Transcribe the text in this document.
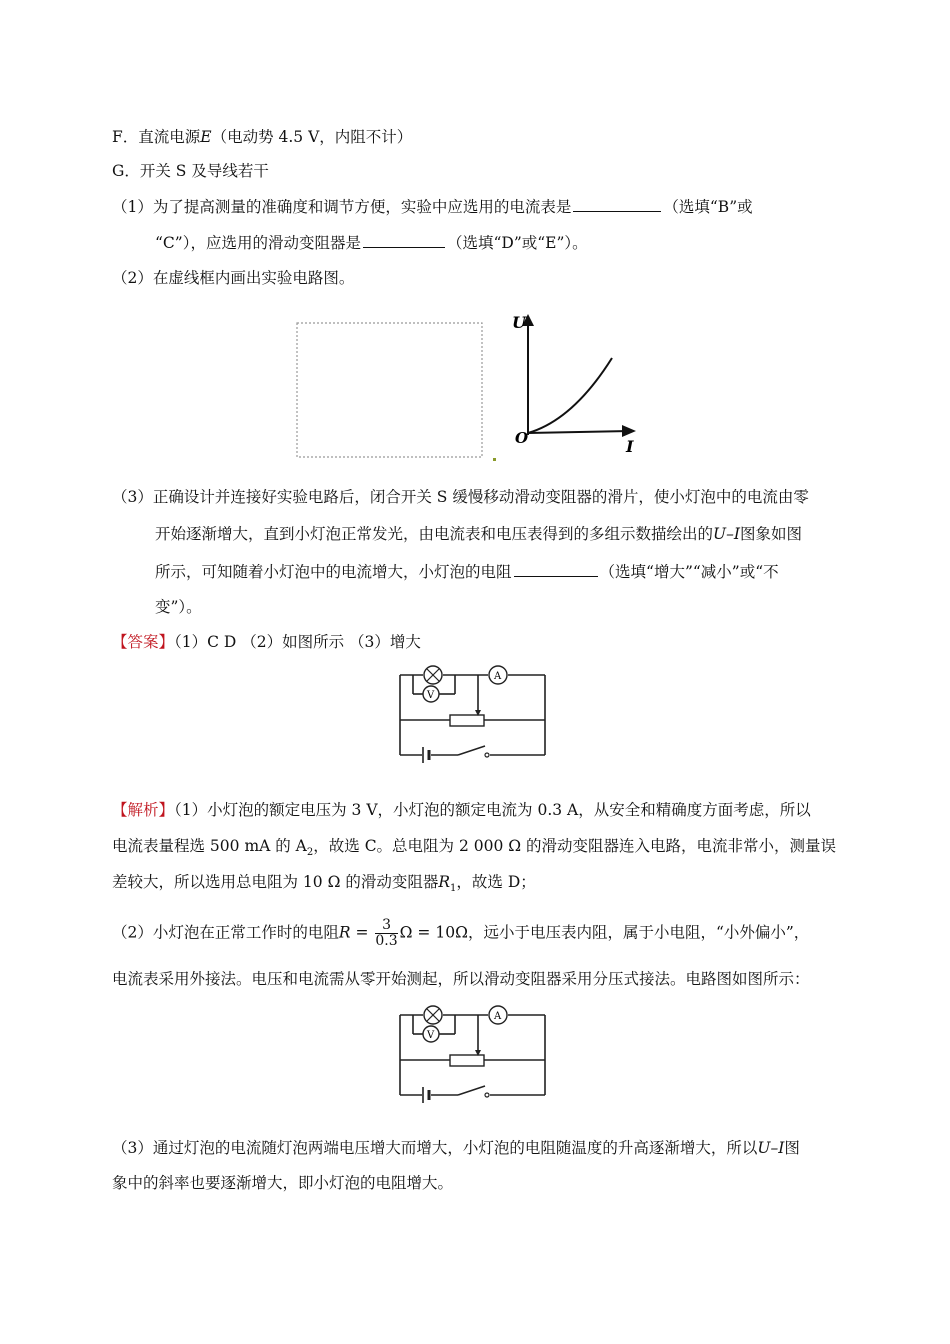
F．直流电源E（电动势 4.5 V，内阻不计）
G．开关 S 及导线若干
（1）为了提高测量的准确度和调节方便，实验中应选用的电流表是	（选填“B”或
“C”），应选用的滑动变阻器是	（选填“D”或“E”）。
（2）在虚线框内画出实验电路图。
U
I
O
（3）正确设计并连接好实验电路后，闭合开关 S 缓慢移动滑动变阻器的滑片，使小灯泡中的电流由零
开始逐渐增大，直到小灯泡正常发光，由电流表和电压表得到的多组示数描绘出的U–I图象如图
所示，可知随着小灯泡中的电流增大，小灯泡的电阻	（选填“增大”“减小”或“不
变”）。
【答案】（1）C D （2）如图所示 （3）增大
V
A
【解析】（1）小灯泡的额定电压为 3 V，小灯泡的额定电流为 0.3 A，从安全和精确度方面考虑，所以
电流表量程选 500 mA 的 $A_2$，故选 C。总电阻为 2 000 Ω 的滑动变阻器连入电路，电流非常小，测量误
差较大，所以选用总电阻为 10 Ω 的滑动变阻器$R_1$，故选 D；
（2）小灯泡在正常工作时的电阻$R = \frac{3}{0.3}$ Ω = 10Ω，远小于电压表内阻，属于小电阻，“小外偏小”，
电流表采用外接法。电压和电流需从零开始测起，所以滑动变阻器采用分压式接法。电路图如图所示：
V
A
（3）通过灯泡的电流随灯泡两端电压增大而增大，小灯泡的电阻随温度的升高逐渐增大，所以U–I图
象中的斜率也要逐渐增大，即小灯泡的电阻增大。
